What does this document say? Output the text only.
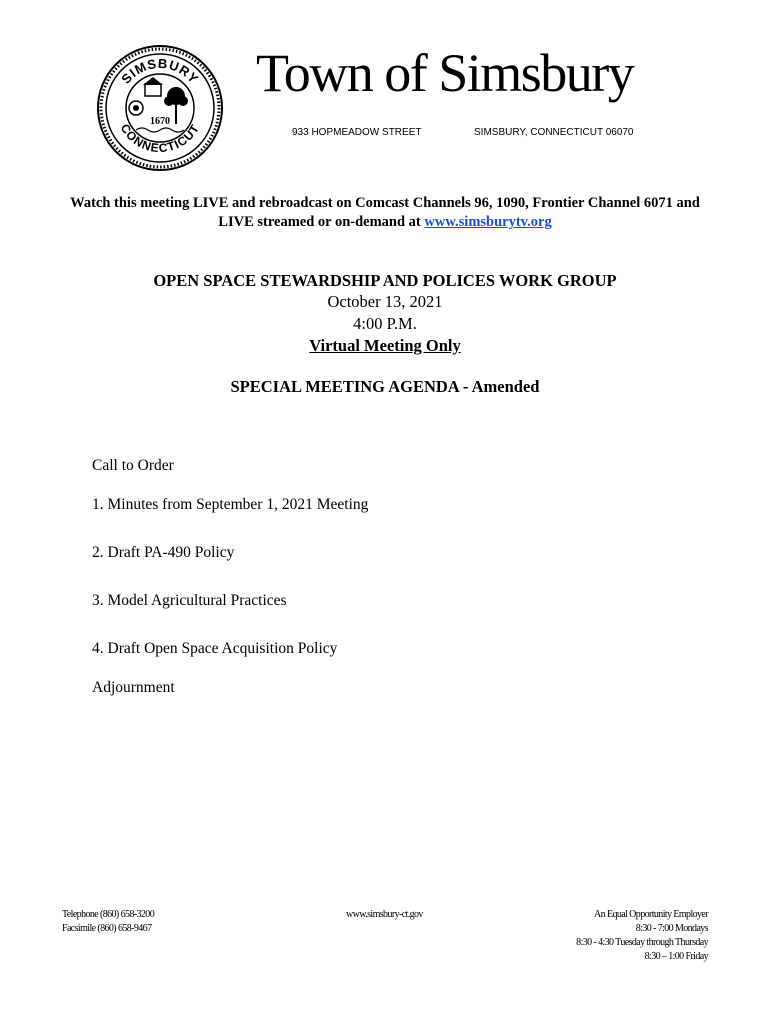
SIMSBURY
CONNECTICUT
1670
Town of Simsbury
933 HOPMEADOW STREET	SIMSBURY, CONNECTICUT 06070
Watch this meeting LIVE and rebroadcast on Comcast Channels 96, 1090, Frontier Channel 6071 and LIVE streamed or on-demand at www.simsburytv.org
OPEN SPACE STEWARDSHIP AND POLICES WORK GROUP
October 13, 2021
4:00 P.M.
Virtual Meeting Only
SPECIAL MEETING AGENDA - Amended
Call to Order
1. Minutes from September 1, 2021 Meeting
2. Draft PA-490 Policy
3. Model Agricultural Practices
4. Draft Open Space Acquisition Policy
Adjournment
Telephone (860) 658-3200
Facsimile (860) 658-9467
www.simsbury-ct.gov	An Equal Opportunity Employer
8:30 - 7:00 Mondays
8:30 - 4:30 Tuesday through Thursday
8:30 – 1:00 Friday
